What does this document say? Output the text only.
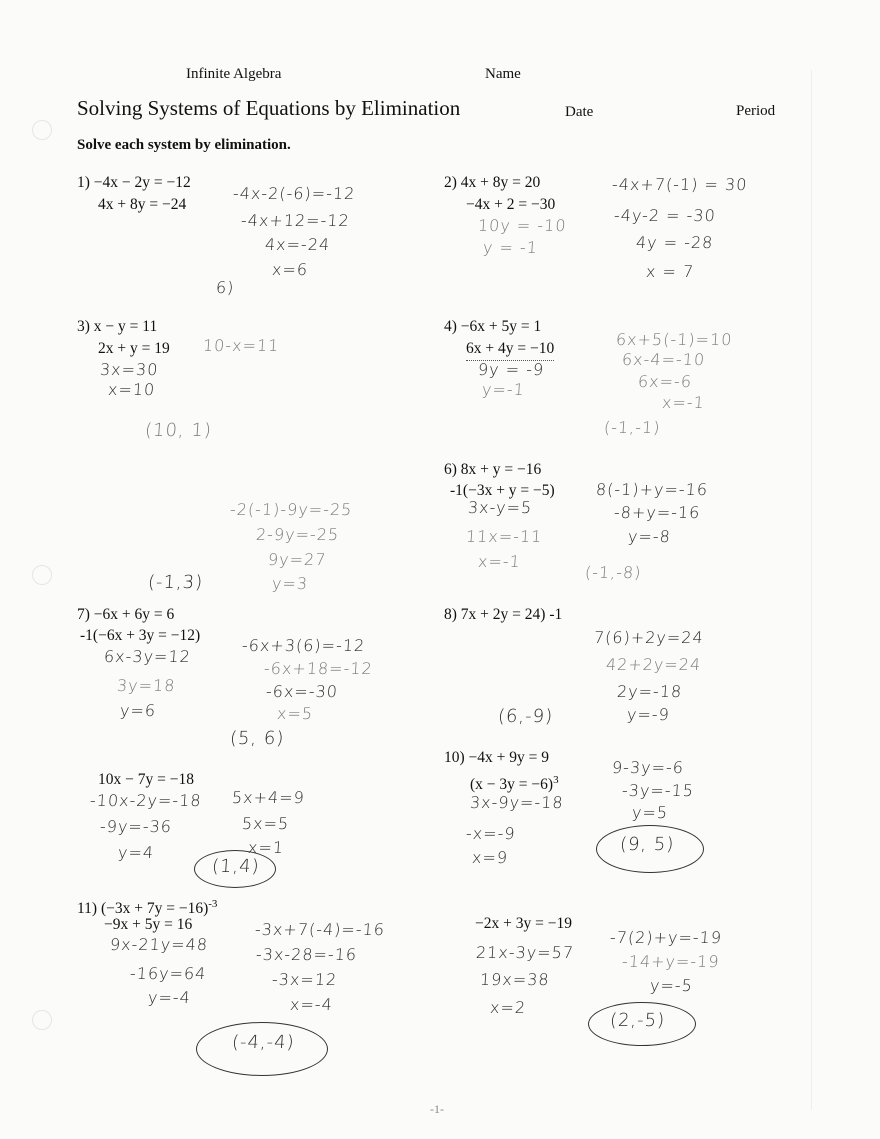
Infinite Algebra	Name
Solving Systems of Equations by Elimination	Date	Period
Solve each system by elimination.
1) −4x − 2y = −12
4x + 8y = −24
-4x-2(-6)=-12
-4x+12=-12
4x=-24
x=6
6)
2) 4x + 8y = 20
−4x + 2 = −30
10y = -10
y = -1
-4x+7(-1) = 30
-4y-2 = -30
4y = -28
x = 7
3) x − y = 11
2x + y = 19 10-x=11
3x=30
x=10
(10, 1)
4) −6x + 5y = 1
6x + 4y = −10
9y = -9
y=-1
6x+5(-1)=10
6x-4=-10
6x=-6
x=-1
(-1,-1)
-2(-1)-9y=-25
2-9y=-25
9y=27
y=3
(-1,3)
6) 8x + y = −16
-1(−3x + y = −5)
3x-y=5
11x=-11
x=-1
8(-1)+y=-16
-8+y=-16
y=-8
(-1,-8)
7) −6x + 6y = 6
-1(−6x + 3y = −12)
6x-3y=12
3y=18
y=6
-6x+3(6)=-12
-6x+18=-12
-6x=-30
x=5
(5, 6)
8) 7x + 2y = 24) -1
7(6)+2y=24
42+2y=24
2y=-18
y=-9
(6,-9)
10x − 7y = −18
-10x-2y=-18
-9y=-36
y=4
5x+4=9
5x=5
x=1
(1,4)
10) −4x + 9y = 9
(x − 3y = −6)$^3$
3x-9y=-18
-x=-9
x=9
9-3y=-6
-3y=-15
y=5
(9, 5)
11) (−3x + 7y = −16)$^{-3}$
−9x + 5y = 16
9x-21y=48
-16y=64
y=-4
-3x+7(-4)=-16
-3x-28=-16
-3x=12
x=-4
(-4,-4)
−2x + 3y = −19
21x-3y=57
19x=38
x=2
-7(2)+y=-19
-14+y=-19
y=-5
(2,-5)
-1-
